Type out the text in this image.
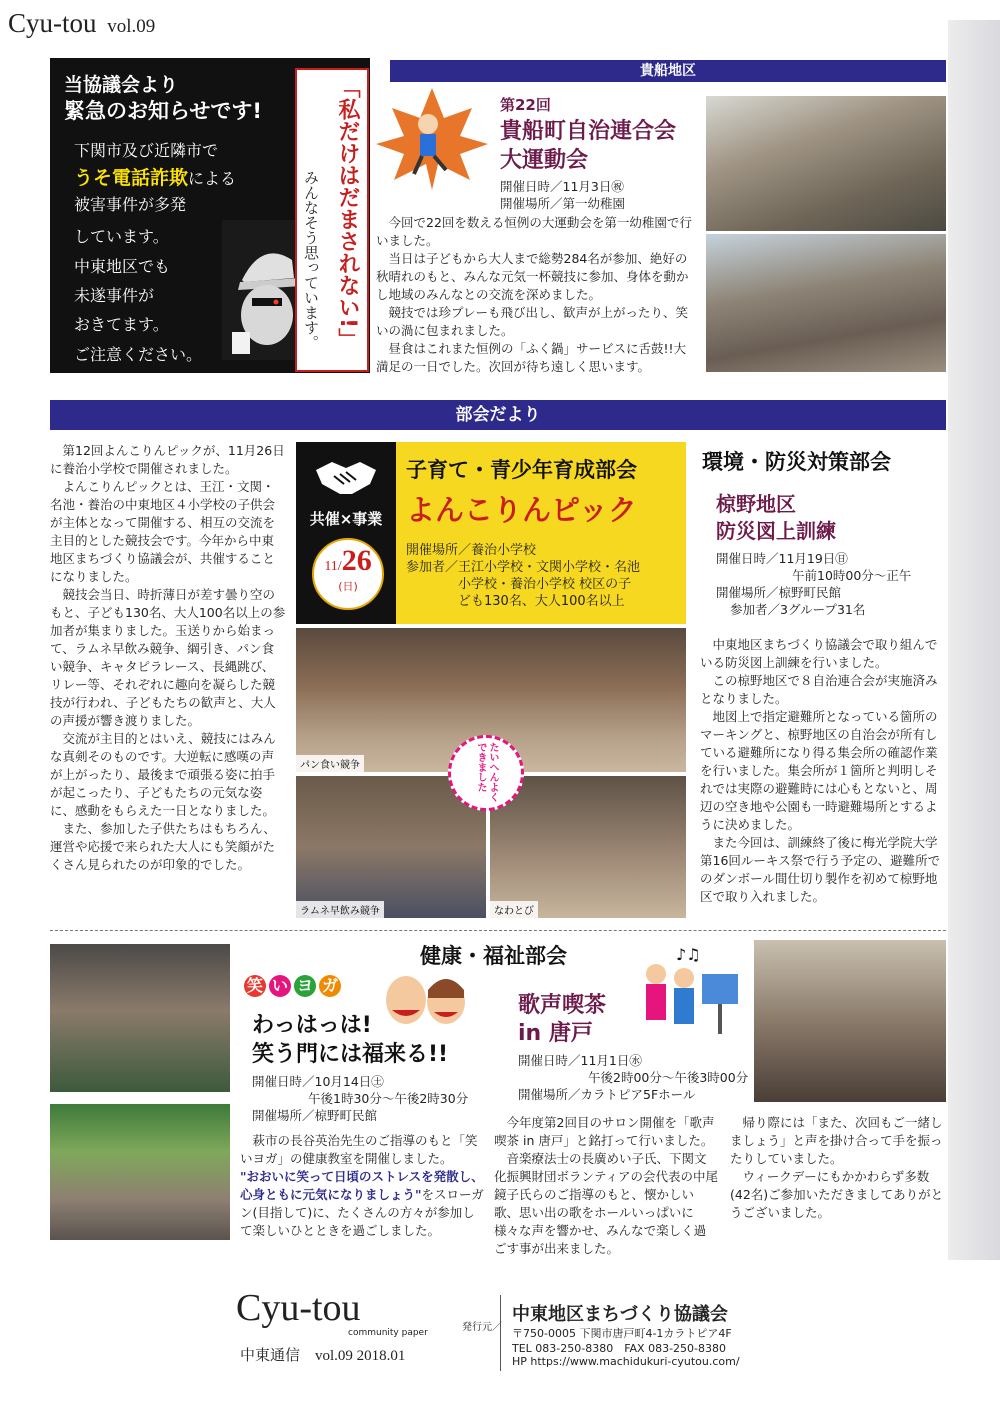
Cyu-tou vol.09
当協議会より
緊急のお知らせです!
下関市及び近隣市で
うそ電話詐欺による
被害事件が多発
しています。
中東地区でも
未遂事件が
おきてます。
ご注意ください。
「私だけはだまされない!」
みんなそう思っています。
貴船地区
第22回
貴船町自治連合会
大運動会
開催日時／11月3日㊗
開催場所／第一幼稚園

今回で22回を数える恒例の大運動会を第一幼稚園で行いました。

当日は子どもから大人まで総勢284名が参加、絶好の秋晴れのもと、みんな元気一杯競技に参加、身体を動かし地域のみんなとの交流を深めました。

競技では珍プレーも飛び出し、歓声が上がったり、笑いの渦に包まれました。

昼食はこれまた恒例の「ふく鍋」サービスに舌鼓!!大満足の一日でした。次回が待ち遠しく思います。

部会だより

第12回よんこりんピックが、11月26日に養治小学校で開催されました。

よんこりんピックとは、王江・文関・名池・養治の中東地区４小学校の子供会が主体となって開催する、相互の交流を主目的とした競技会です。今年から中東地区まちづくり協議会が、共催することになりました。

競技会当日、時折薄日が差す曇り空のもと、子ども130名、大人100名以上の参加者が集まりました。玉送りから始まって、ラムネ早飲み競争、綱引き、パン食い競争、キャタピラレース、長縄跳び、リレー等、それぞれに趣向を凝らした競技が行われ、子どもたちの歓声と、大人の声援が響き渡りました。

交流が主目的とはいえ、競技にはみんな真剣そのものです。大逆転に感嘆の声が上がったり、最後まで頑張る姿に拍手が起こったり、子どもたちの元気な姿に、感動をもらえた一日となりました。

また、参加した子供たちはもちろん、運営や応援で来られた大人にも笑顔がたくさん見られたのが印象的でした。

共催×事業
11/26
(日)
子育て・青少年育成部会
よんこりんピック
開催場所／養治小学校
参加者／王江小学校・文関小学校・名池
小学校・養治小学校 校区の子
ども130名、大人100名以上
パン食い競争
ラムネ早飲み競争	なわとび
たいへんよくできました
環境・防災対策部会
椋野地区
防災図上訓練
開催日時／11月19日㊐
午前10時00分～正午
開催場所／椋野町民館
参加者／3グループ31名

中東地区まちづくり協議会で取り組んでいる防災図上訓練を行いました。

この椋野地区で８自治連合会が実施済みとなりました。

地図上で指定避難所となっている箇所のマーキングと、椋野地区の自治会が所有している避難所になり得る集会所の確認作業を行いました。集会所が１箇所と判明しそれでは実際の避難時には心もとないと、周辺の空き地や公園も一時避難場所とするように決めました。

また今回は、訓練終了後に梅光学院大学 第16回ルーキス祭で行う予定の、避難所でのダンボール間仕切り製作を初めて椋野地区で取り入れました。

健康・福祉部会
笑 い ヨ ガ
わっはっは!
笑う門には福来る!!
開催日時／10月14日㊏
午後1時30分～午後2時30分
開催場所／椋野町民館
萩市の長谷英治先生のご指導のもと「笑いヨガ」の健康教室を開催しました。
"おおいに笑って日頃のストレスを発散し、心身ともに元気になりましょう"をスローガン(目指して)に、たくさんの方々が参加して楽しいひとときを過ごしました。
歌声喫茶
in 唐戸
♪♫
開催日時／11月1日㊌
午後2時00分～午後3時00分
開催場所／カラトピア5Fホール

今年度第2回目のサロン開催を「歌声喫茶 in 唐戸」と銘打って行いました。

音楽療法士の長廣めい子氏、下関文化振興財団ボランティアの会代表の中尾鏡子氏らのご指導のもと、懐かしい歌、思い出の歌をホールいっぱいに様々な声を響かせ、みんなで楽しく過ごす事が出来ました。

帰り際には「また、次回もご一緒しましょう」と声を掛け合って手を振ったりしていました。

ウィークデーにもかかわらず多数(42名)ご参加いただきましてありがとうございました。

Cyu-tou
community paper
中東通信　vol.09 2018.01
発行元／
中東地区まちづくり協議会
〒750-0005 下関市唐戸町4-1カラトピア4F
TEL 083-250-8380　FAX 083-250-8380
HP https://www.machidukuri-cyutou.com/
